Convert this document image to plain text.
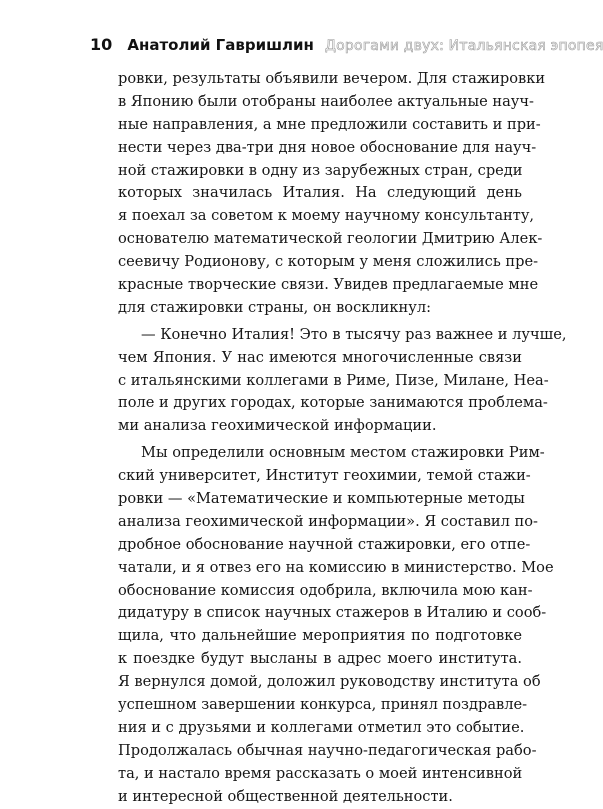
10 Анатолий Гавришлин Дорогами двух: Итальянская эпопея
ровки, результаты объявили вечером. Для стажировки
в Японию были отобраны наиболее актуальные науч-
ные направления, а мне предложили составить и при-
нести через два-три дня новое обоснование для науч-
ной стажировки в одну из зарубежных стран, среди
которых значилась Италия. На следующий день
я поехал за советом к моему научному консультанту,
основателю математической геологии Дмитрию Алек-
сеевичу Родионову, с которым у меня сложились пре-
красные творческие связи. Увидев предлагаемые мне
для стажировки страны, он воскликнул:
— Конечно Италия! Это в тысячу раз важнее и лучше,
чем Япония. У нас имеются многочисленные связи
с итальянскими коллегами в Риме, Пизе, Милане, Неа-
поле и других городах, которые занимаются проблема-
ми анализа геохимической информации.
Мы определили основным местом стажировки Рим-
ский университет, Институт геохимии, темой стажи-
ровки — «Математические и компьютерные методы
анализа геохимической информации». Я составил по-
дробное обоснование научной стажировки, его отпе-
чатали, и я отвез его на комиссию в министерство. Мое
обоснование комиссия одобрила, включила мою кан-
дидатуру в список научных стажеров в Италию и сооб-
щила, что дальнейшие мероприятия по подготовке
к поездке будут высланы в адрес моего института.
Я вернулся домой, доложил руководству института об
успешном завершении конкурса, принял поздравле-
ния и с друзьями и коллегами отметил это событие.
Продолжалась обычная научно-педагогическая рабо-
та, и настало время рассказать о моей интенсивной
и интересной общественной деятельности.
